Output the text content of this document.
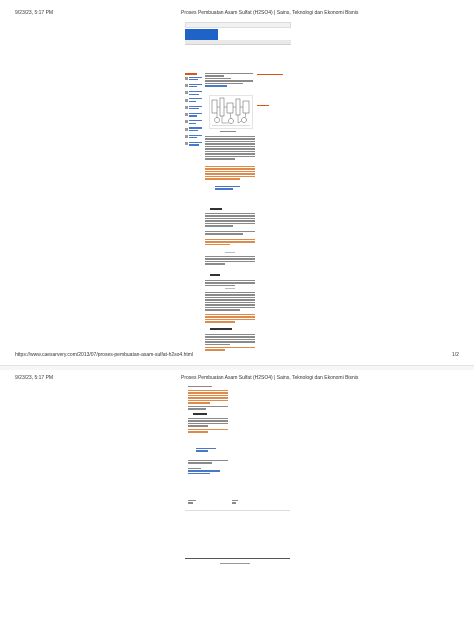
9/23/23, 5:17 PM	Proses Pembuatan Asam Sulfat (H2SO4) | Sains, Teknologi dan Ekonomi Bisnis
https://www.caesarvery.com/2013/07/proses-pembuatan-asam-sulfat-h2so4.html	1/2
9/23/23, 5:17 PM	Proses Pembuatan Asam Sulfat (H2SO4) | Sains, Teknologi dan Ekonomi Bisnis
